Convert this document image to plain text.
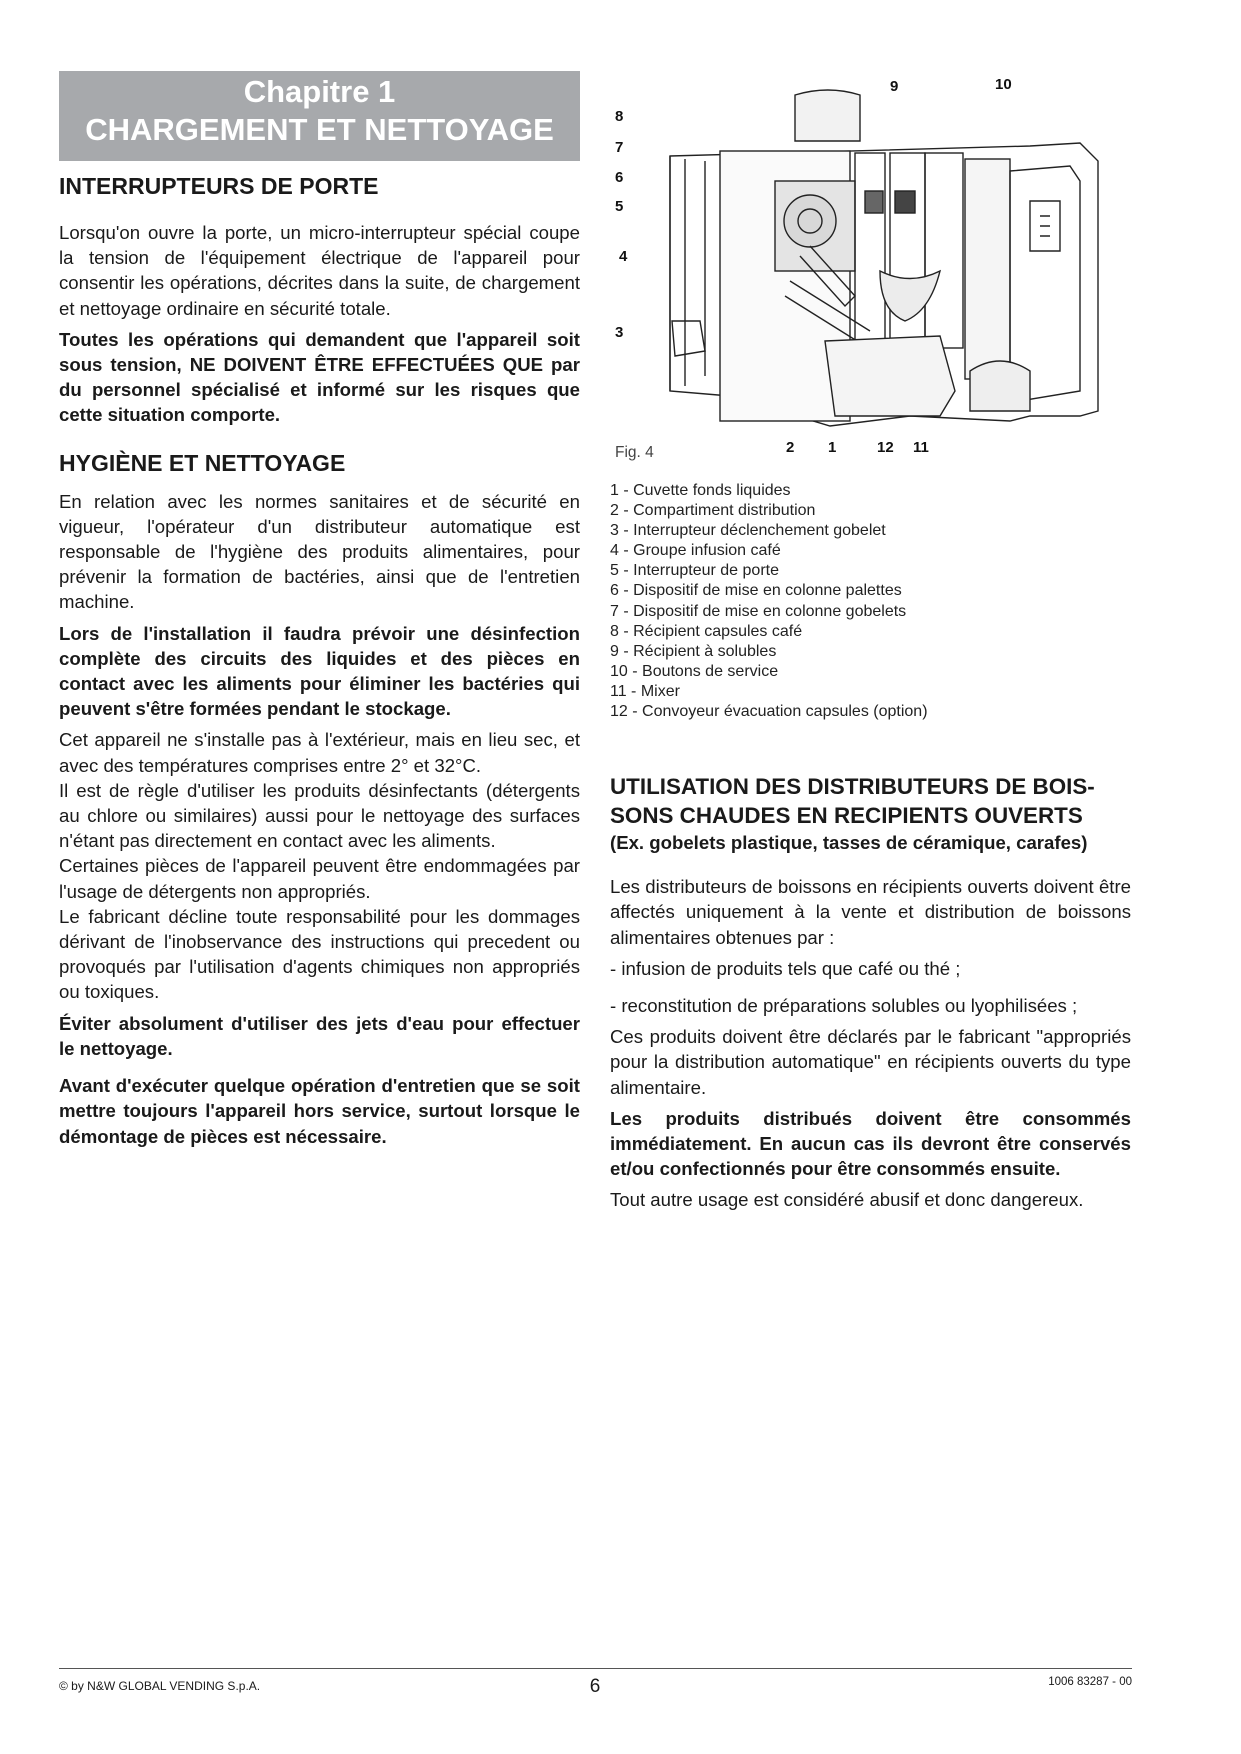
Chapitre 1
CHARGEMENT ET NETTOYAGE
INTERRUPTEURS DE PORTE

Lorsqu'on ouvre la porte, un micro-interrupteur spécial coupe la tension de l'équipement électrique de l'appareil pour consentir les opérations, décrites dans la suite, de chargement et nettoyage ordinaire en sécurité totale.

Toutes les opérations qui demandent que l'appareil soit sous tension, NE DOIVENT ÊTRE EFFECTUÉES QUE par du personnel spécialisé et informé sur les risques que cette situation comporte.

HYGIÈNE ET NETTOYAGE

En relation avec les normes sanitaires et de sécurité en vigueur, l'opérateur d'un distributeur automatique est responsable de l'hygiène des produits alimentaires, pour prévenir la formation de bactéries, ainsi que de l'entretien machine.

Lors de l'installation il faudra prévoir une désinfection complète des circuits des liquides et des pièces en contact avec les aliments pour éliminer les bactéries qui peuvent s'être formées pendant le stockage.

Cet appareil ne s'installe pas à l'extérieur, mais en lieu sec, et avec des températures comprises entre 2° et 32°C.

Il est de règle d'utiliser les produits désinfectants (détergents au chlore ou similaires) aussi pour le nettoyage des surfaces n'étant pas directement en contact avec les aliments.

Certaines pièces de l'appareil peuvent être endommagées par l'usage de détergents non appropriés.

Le fabricant décline toute responsabilité pour les dommages dérivant de l'inobservance des instructions qui precedent ou provoqués par l'utilisation d'agents chimiques non appropriés ou toxiques.

Éviter absolument d'utiliser des jets d'eau pour effectuer le nettoyage.

Avant d'exécuter quelque opération d'entretien que se soit mettre toujours l'appareil hors service, surtout lorsque le démontage de pièces est nécessaire.

9	10
8
7
6
5
4
3
2 1	12 11
Fig. 4
1 - Cuvette fonds liquides
2 - Compartiment distribution
3 - Interrupteur déclenchement gobelet
4 - Groupe infusion café
5 - Interrupteur de porte
6 - Dispositif de mise en colonne palettes
7 - Dispositif de mise en colonne gobelets
8 - Récipient capsules café
9 - Récipient à solubles
10 - Boutons de service
11 - Mixer
12 - Convoyeur évacuation capsules (option)
UTILISATION DES DISTRIBUTEURS DE BOIS-
SONS CHAUDES EN RECIPIENTS OUVERTS
(Ex. gobelets plastique, tasses de céramique, carafes)

Les distributeurs de boissons en récipients ouverts doivent être affectés uniquement à la vente et distribution de boissons alimentaires obtenues par :

- infusion de produits tels que café ou thé ;

- reconstitution de préparations solubles ou lyophilisées ;

Ces produits doivent être déclarés par le fabricant "appropriés pour la distribution automatique" en récipients ouverts du type alimentaire.

Les produits distribués doivent être consommés immédiatement. En aucun cas ils devront être conservés et/ou confectionnés pour être consommés ensuite.

Tout autre usage est considéré abusif et donc dangereux.

© by N&W GLOBAL VENDING S.p.A.	6	1006 83287 - 00
